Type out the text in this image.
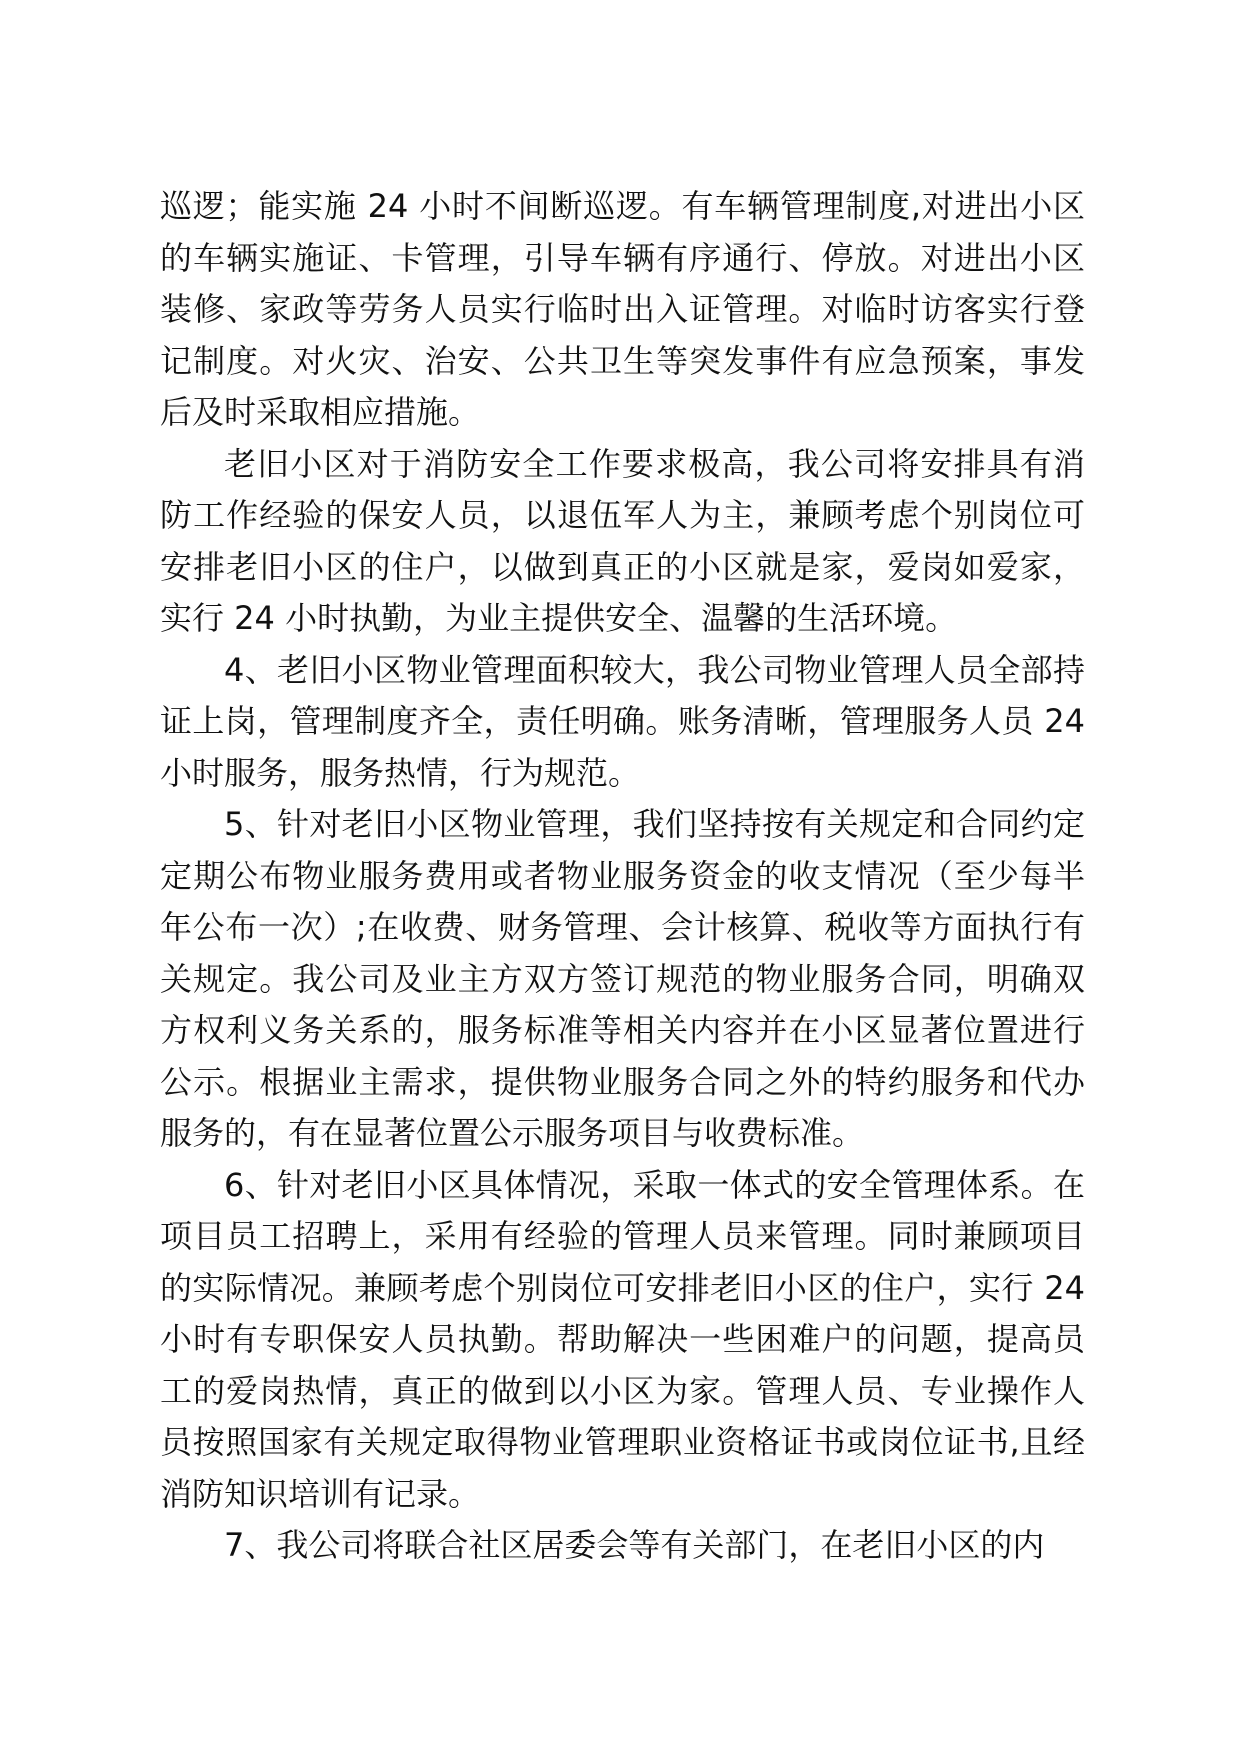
巡逻；能实施 24 小时不间断巡逻。有车辆管理制度,对进出小区的车辆实施证、卡管理，引导车辆有序通行、停放。对进出小区装修、家政等劳务人员实行临时出入证管理。对临时访客实行登记制度。对火灾、治安、公共卫生等突发事件有应急预案，事发后及时采取相应措施。

老旧小区对于消防安全工作要求极高，我公司将安排具有消防工作经验的保安人员，以退伍军人为主，兼顾考虑个别岗位可安排老旧小区的住户，以做到真正的小区就是家，爱岗如爱家，实行 24 小时执勤，为业主提供安全、温馨的生活环境。

4、老旧小区物业管理面积较大，我公司物业管理人员全部持证上岗，管理制度齐全，责任明确。账务清晰，管理服务人员 24 小时服务，服务热情，行为规范。

5、针对老旧小区物业管理，我们坚持按有关规定和合同约定定期公布物业服务费用或者物业服务资金的收支情况（至少每半年公布一次）;在收费、财务管理、会计核算、税收等方面执行有关规定。我公司及业主方双方签订规范的物业服务合同，明确双方权利义务关系的，服务标准等相关内容并在小区显著位置进行公示。根据业主需求，提供物业服务合同之外的特约服务和代办服务的，有在显著位置公示服务项目与收费标准。

6、针对老旧小区具体情况，采取一体式的安全管理体系。在项目员工招聘上，采用有经验的管理人员来管理。同时兼顾项目的实际情况。兼顾考虑个别岗位可安排老旧小区的住户，实行 24 小时有专职保安人员执勤。帮助解决一些困难户的问题，提高员工的爱岗热情，真正的做到以小区为家。管理人员、专业操作人员按照国家有关规定取得物业管理职业资格证书或岗位证书,且经消防知识培训有记录。

7、我公司将联合社区居委会等有关部门，在老旧小区的内
